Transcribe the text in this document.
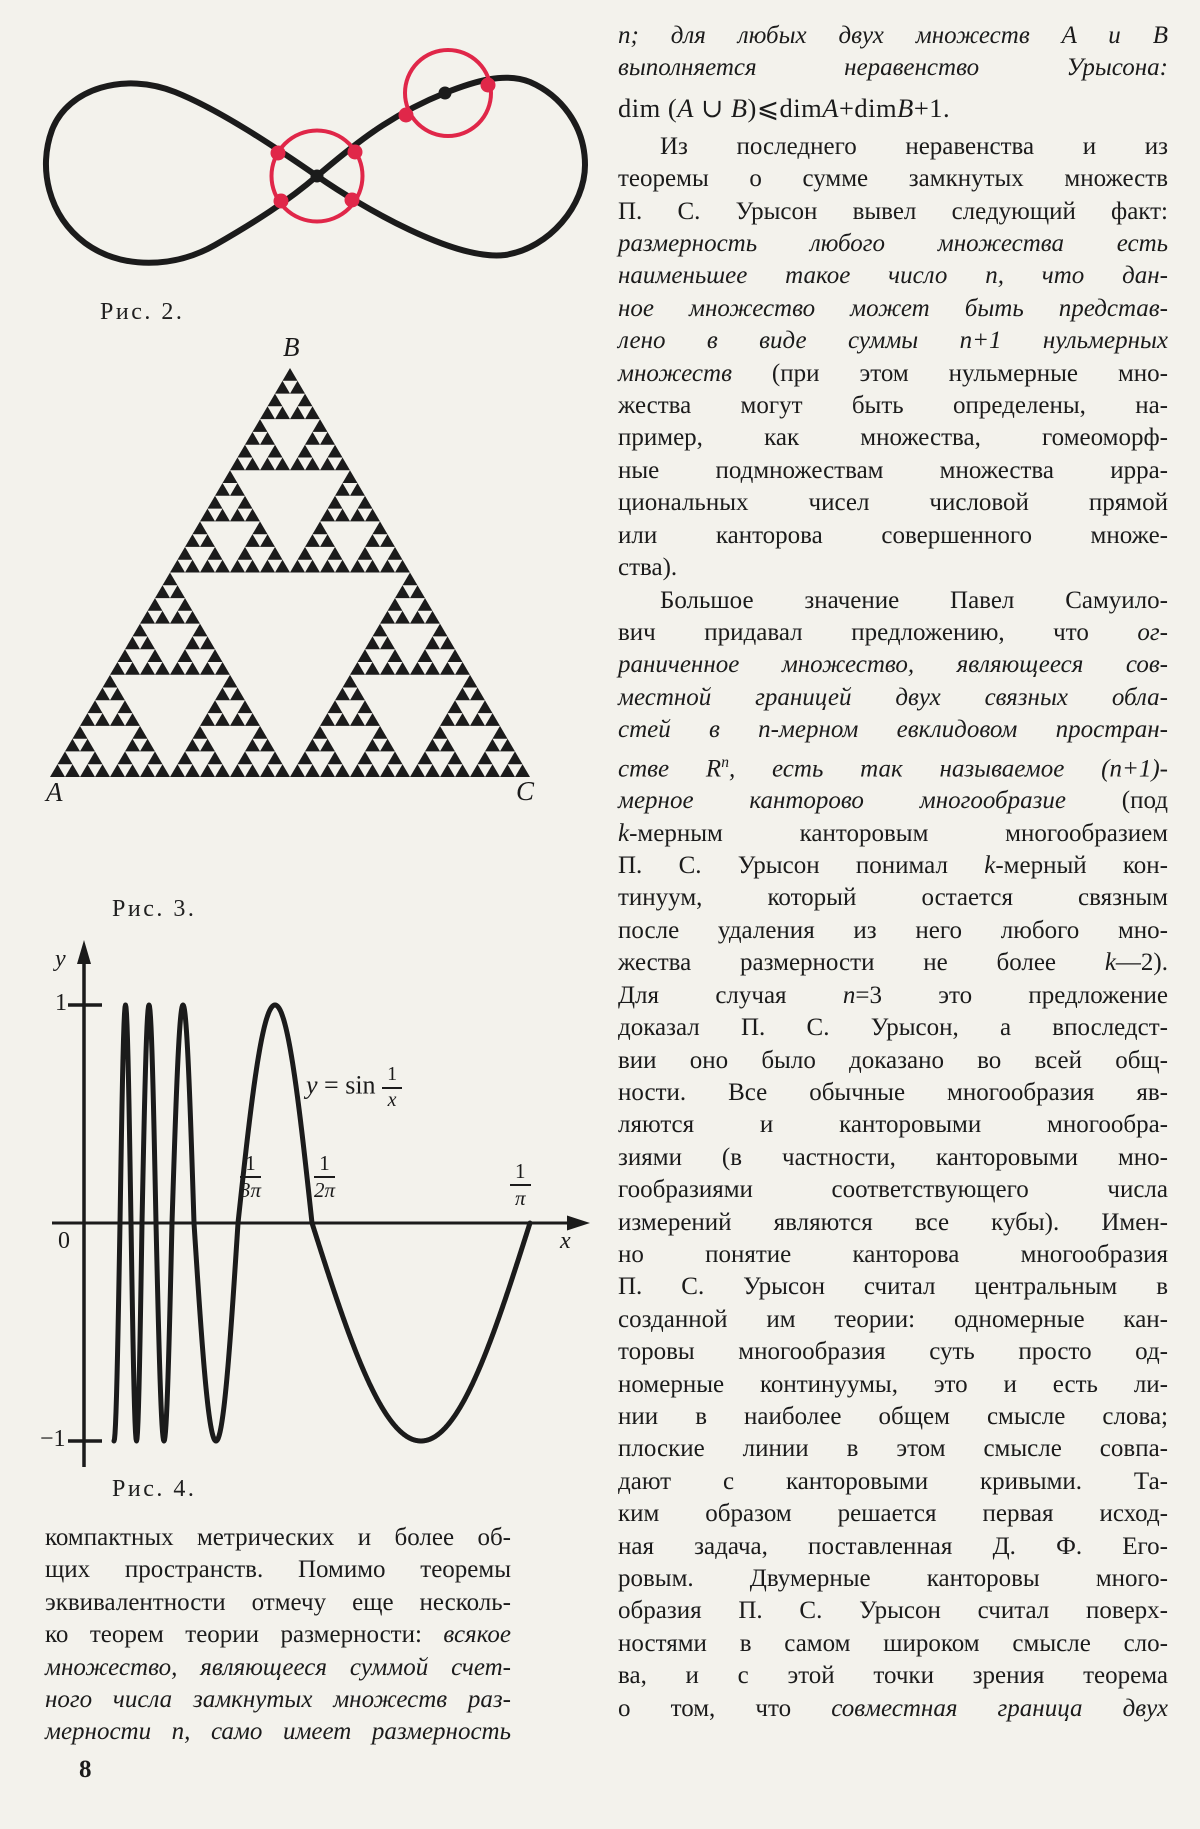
Рис. 2.
B
A	C
Рис. 3.
y
1
−1
0	x
$\frac{1}{3\pi}$	$\frac{1}{2\pi}$	$\frac{1}{\pi}$
$y = \sin \frac{1}{x}$
Рис. 4.
n; для любых двух множеств A и B
выполняется неравенство Урысона:
dim (A ∪ B)⩽dimA+dimB+1.
Из последнего неравенства и из
теоремы о сумме замкнутых множеств
П. С. Урысон вывел следующий факт:
размерность любого множества есть
наименьшее такое число n, что дан-
ное множество может быть представ-
лено в виде суммы n+1 нульмерных
множеств (при этом нульмерные мно-
жества могут быть определены, на-
пример, как множества, гомеоморф-
ные подмножествам множества ирра-
циональных чисел числовой прямой
или канторова совершенного множе-
ства).
Большое значение Павел Самуило-
вич придавал предложению, что ог-
раниченное множество, являющееся сов-
местной границей двух связных обла-
стей в n-мерном евклидовом простран-
стве $R^n$, есть так называемое (n+1)-
мерное канторово многообразие (под
k-мерным канторовым многообразием
П. С. Урысон понимал k-мерный кон-
тинуум, который остается связным
после удаления из него любого мно-
жества размерности не более k—2).
Для случая n=3 это предложение
доказал П. С. Урысон, а впоследст-
вии оно было доказано во всей общ-
ности. Все обычные многообразия яв-
ляются и канторовыми многообра-
зиями (в частности, канторовыми мно-
гообразиями соответствующего числа
измерений являются все кубы). Имен-
но понятие канторова многообразия
П. С. Урысон считал центральным в
созданной им теории: одномерные кан-
торовы многообразия суть просто од-
номерные континуумы, это и есть ли-
нии в наиболее общем смысле слова;
плоские линии в этом смысле совпа-
дают с канторовыми кривыми. Та-
ким образом решается первая исход-
ная задача, поставленная Д. Ф. Его-
ровым. Двумерные канторовы много-
образия П. С. Урысон считал поверх-
ностями в самом широком смысле сло-
ва, и с этой точки зрения теорема
о том, что совместная граница двух
компактных метрических и более об-
щих пространств. Помимо теоремы
эквивалентности отмечу еще несколь-
ко теорем теории размерности: всякое
множество, являющееся суммой счет-
ного числа замкнутых множеств раз-
мерности n, само имеет размерность
8
